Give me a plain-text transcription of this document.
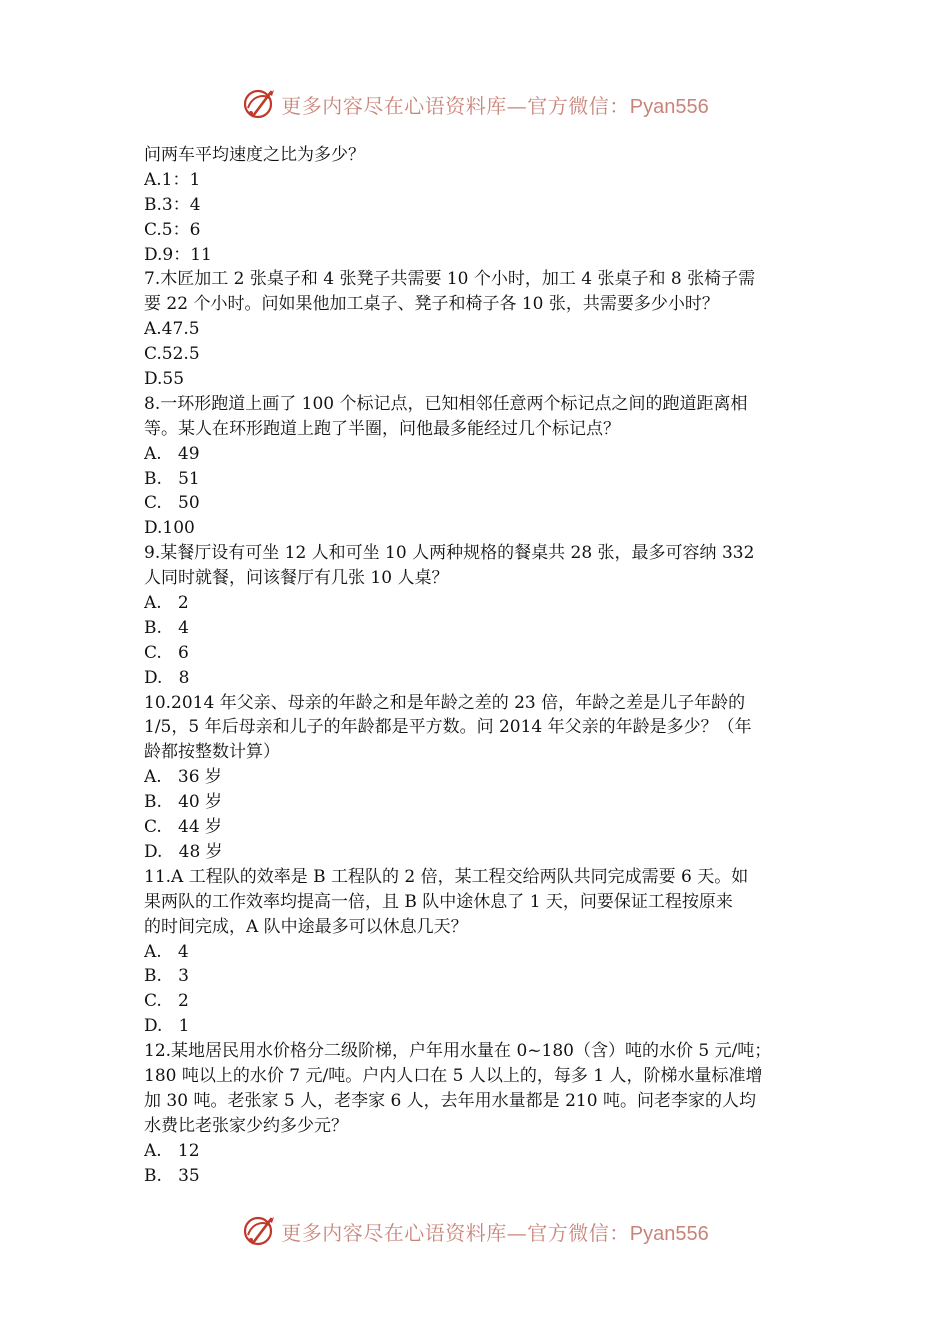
更多内容尽在心语资料库—官方微信：Pyan556
问两车平均速度之比为多少？
A.1：1
B.3：4
C.5：6
D.9：11
7.木匠加工 2 张桌子和 4 张凳子共需要 10 个小时，加工 4 张桌子和 8 张椅子需
要 22 个小时。问如果他加工桌子、凳子和椅子各 10 张，共需要多少小时？
A.47.5
C.52.5
D.55
8.一环形跑道上画了 100 个标记点，已知相邻任意两个标记点之间的跑道距离相
等。某人在环形跑道上跑了半圈，问他最多能经过几个标记点？
A.   49
B.   51
C.   50
D.100
9.某餐厅设有可坐 12 人和可坐 10 人两种规格的餐桌共 28 张，最多可容纳 332
人同时就餐，问该餐厅有几张 10 人桌？
A.   2
B.   4
C.   6
D.   8
10.2014 年父亲、母亲的年龄之和是年龄之差的 23 倍，年龄之差是儿子年龄的
1/5，5 年后母亲和儿子的年龄都是平方数。问 2014 年父亲的年龄是多少？（年
龄都按整数计算）
A.   36 岁
B.   40 岁
C.   44 岁
D.   48 岁
11.A 工程队的效率是 B 工程队的 2 倍，某工程交给两队共同完成需要 6 天。如
果两队的工作效率均提高一倍，且 B 队中途休息了 1 天，问要保证工程按原来
的时间完成，A 队中途最多可以休息几天？
A.   4
B.   3
C.   2
D.   1
12.某地居民用水价格分二级阶梯，户年用水量在 0~180（含）吨的水价 5 元/吨；
180 吨以上的水价 7 元/吨。户内人口在 5 人以上的，每多 1 人，阶梯水量标准增
加 30 吨。老张家 5 人，老李家 6 人，去年用水量都是 210 吨。问老李家的人均
水费比老张家少约多少元？
A.   12
B.   35
更多内容尽在心语资料库—官方微信：Pyan556
